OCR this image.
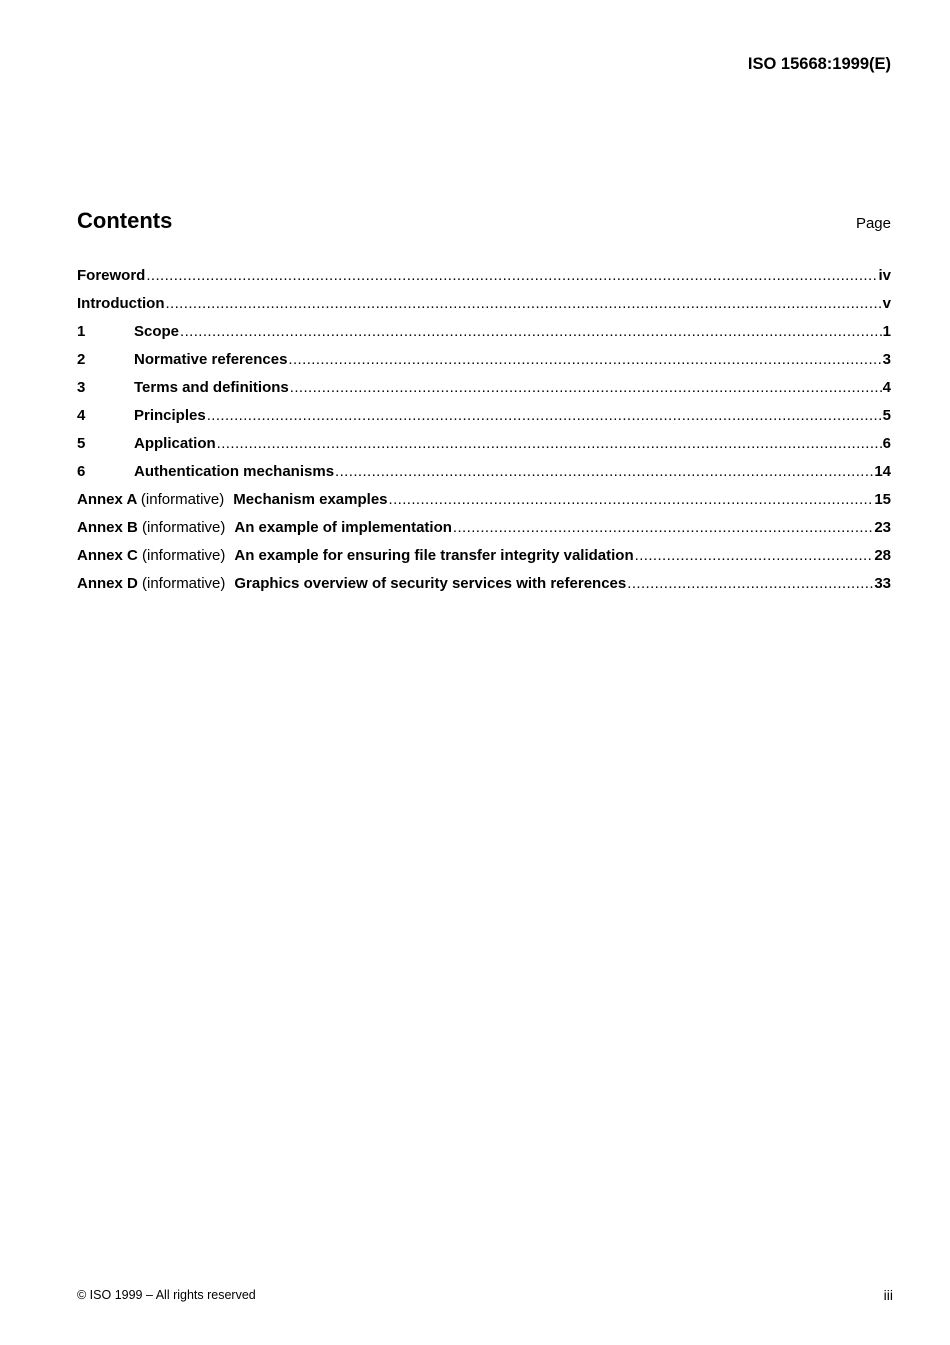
ISO 15668:1999(E)
Contents	Page
Foreword .....	iv
Introduction .....	v
1	Scope .....	1
2	Normative references .....	3
3	Terms and definitions .....	4
4	Principles .....	5
5	Application .....	6
6	Authentication mechanisms .....	14
Annex A (informative) Mechanism examples .....	15
Annex B (informative) An example of implementation .....	23
Annex C (informative) An example for ensuring file transfer integrity validation .....	28
Annex D (informative) Graphics overview of security services with references .....	33
© ISO 1999 – All rights reserved	iii
